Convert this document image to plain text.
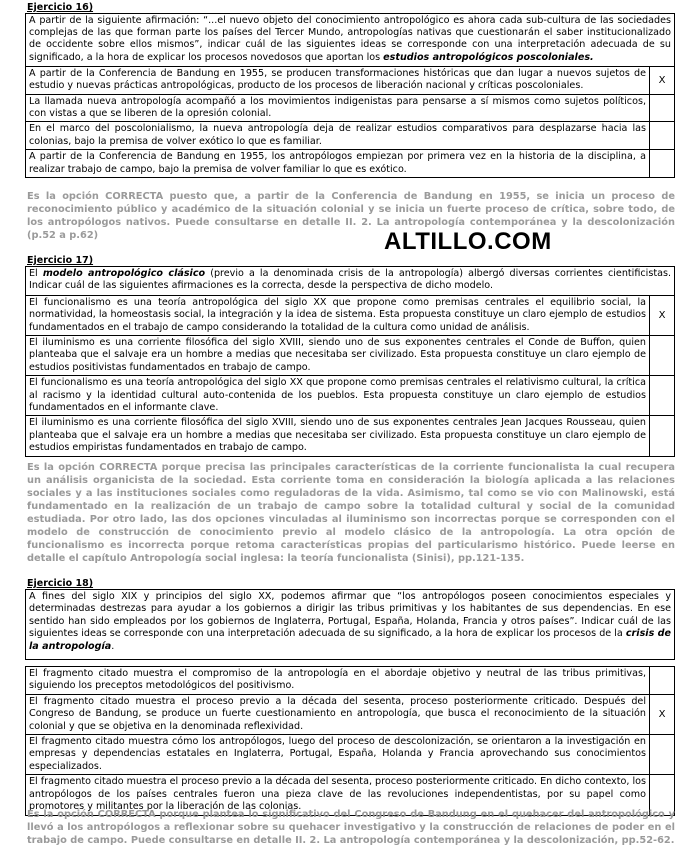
Ejercicio 16)
A partir de la siguiente afirmación: “...el nuevo objeto del conocimiento antropológico es ahora cada sub-cultura de las sociedades complejas de las que forman parte los países del Tercer Mundo, antropologías nativas que cuestionarán el saber institucionalizado de occidente sobre ellos mismos”, indicar cuál de las siguientes ideas se corresponde con una interpretación adecuada de su significado, a la hora de explicar los procesos novedosos que aportan los estudios antropológicos poscoloniales.
A partir de la Conferencia de Bandung en 1955, se producen transformaciones históricas que dan lugar a nuevos sujetos de estudio y nuevas prácticas antropológicas, producto de los procesos de liberación nacional y críticas poscoloniales.	X
La llamada nueva antropología acompañó a los movimientos indigenistas para pensarse a sí mismos como sujetos políticos, con vistas a que se liberen de la opresión colonial.
En el marco del poscolonialismo, la nueva antropología deja de realizar estudios comparativos para desplazarse hacia las colonias, bajo la premisa de volver exótico lo que es familiar.
A partir de la Conferencia de Bandung en 1955, los antropólogos empiezan por primera vez en la historia de la disciplina, a realizar trabajo de campo, bajo la premisa de volver familiar lo que es exótico.
Es la opción CORRECTA puesto que, a partir de la Conferencia de Bandung en 1955, se inicia un proceso de reconocimiento público y académico de la situación colonial y se inicia un fuerte proceso de crítica, sobre todo, de los antropólogos nativos. Puede consultarse en detalle II. 2. La antropología contemporánea y la descolonización (p.52 a p.62)	ALTILLO.COM
Ejercicio 17)
El modelo antropológico clásico (previo a la denominada crisis de la antropología) albergó diversas corrientes cientificistas. Indicar cuál de las siguientes afirmaciones es la correcta, desde la perspectiva de dicho modelo.
El funcionalismo es una teoría antropológica del siglo XX que propone como premisas centrales el equilibrio social, la normatividad, la homeostasis social, la integración y la idea de sistema. Esta propuesta constituye un claro ejemplo de estudios fundamentados en el trabajo de campo considerando la totalidad de la cultura como unidad de análisis.
X
El iluminismo es una corriente filosófica del siglo XVIII, siendo uno de sus exponentes centrales el Conde de Buffon, quien planteaba que el salvaje era un hombre a medias que necesitaba ser civilizado. Esta propuesta constituye un claro ejemplo de estudios positivistas fundamentados en trabajo de campo.
El funcionalismo es una teoría antropológica del siglo XX que propone como premisas centrales el relativismo cultural, la crítica al racismo y la identidad cultural auto-contenida de los pueblos. Esta propuesta constituye un claro ejemplo de estudios fundamentados en el informante clave.
El iluminismo es una corriente filosófica del siglo XVIII, siendo uno de sus exponentes centrales Jean Jacques Rousseau, quien planteaba que el salvaje era un hombre a medias que necesitaba ser civilizado. Esta propuesta constituye un claro ejemplo de estudios empiristas fundamentados en trabajo de campo.
Es la opción CORRECTA porque precisa las principales características de la corriente funcionalista la cual recupera un análisis organicista de la sociedad. Esta corriente toma en consideración la biología aplicada a las relaciones sociales y a las instituciones sociales como reguladoras de la vida. Asimismo, tal como se vio con Malinowski, está fundamentado en la realización de un trabajo de campo sobre la totalidad cultural y social de la comunidad estudiada. Por otro lado, las dos opciones vinculadas al iluminismo son incorrectas porque se corresponden con el modelo de construcción de conocimiento previo al modelo clásico de la antropología. La otra opción de funcionalismo es incorrecta porque retoma características propias del particularismo histórico. Puede leerse en detalle el capítulo Antropología social inglesa: la teoría funcionalista (Sinisi), pp.121-135.
Ejercicio 18)
A fines del siglo XIX y principios del siglo XX, podemos afirmar que “los antropólogos poseen conocimientos especiales y determinadas destrezas para ayudar a los gobiernos a dirigir las tribus primitivas y los habitantes de sus dependencias. En ese sentido han sido empleados por los gobiernos de Inglaterra, Portugal, España, Holanda, Francia y otros países”. Indicar cuál de las siguientes ideas se corresponde con una interpretación adecuada de su significado, a la hora de explicar los procesos de la crisis de la antropología.
El fragmento citado muestra el compromiso de la antropología en el abordaje objetivo y neutral de las tribus primitivas, siguiendo los preceptos metodológicos del positivismo.
El fragmento citado muestra el proceso previo a la década del sesenta, proceso posteriormente criticado. Después del Congreso de Bandung, se produce un fuerte cuestionamiento en antropología, que busca el reconocimiento de la situación colonial y que se objetiva en la denominada reflexividad.
X
El fragmento citado muestra cómo los antropólogos, luego del proceso de descolonización, se orientaron a la investigación en empresas y dependencias estatales en Inglaterra, Portugal, España, Holanda y Francia aprovechando sus conocimientos especializados.
El fragmento citado muestra el proceso previo a la década del sesenta, proceso posteriormente criticado. En dicho contexto, los antropólogos de los países centrales fueron una pieza clave de las revoluciones independentistas, por su papel como promotores y militantes por la liberación de las colonias.
Es la opción CORRECTA porque plantea lo significativo del Congreso de Bandung en el quehacer del antropológico y llevó a los antropólogos a reflexionar sobre su quehacer investigativo y la construcción de relaciones de poder en el trabajo de campo. Puede consultarse en detalle II. 2. La antropología contemporánea y la descolonización, pp.52-62.
